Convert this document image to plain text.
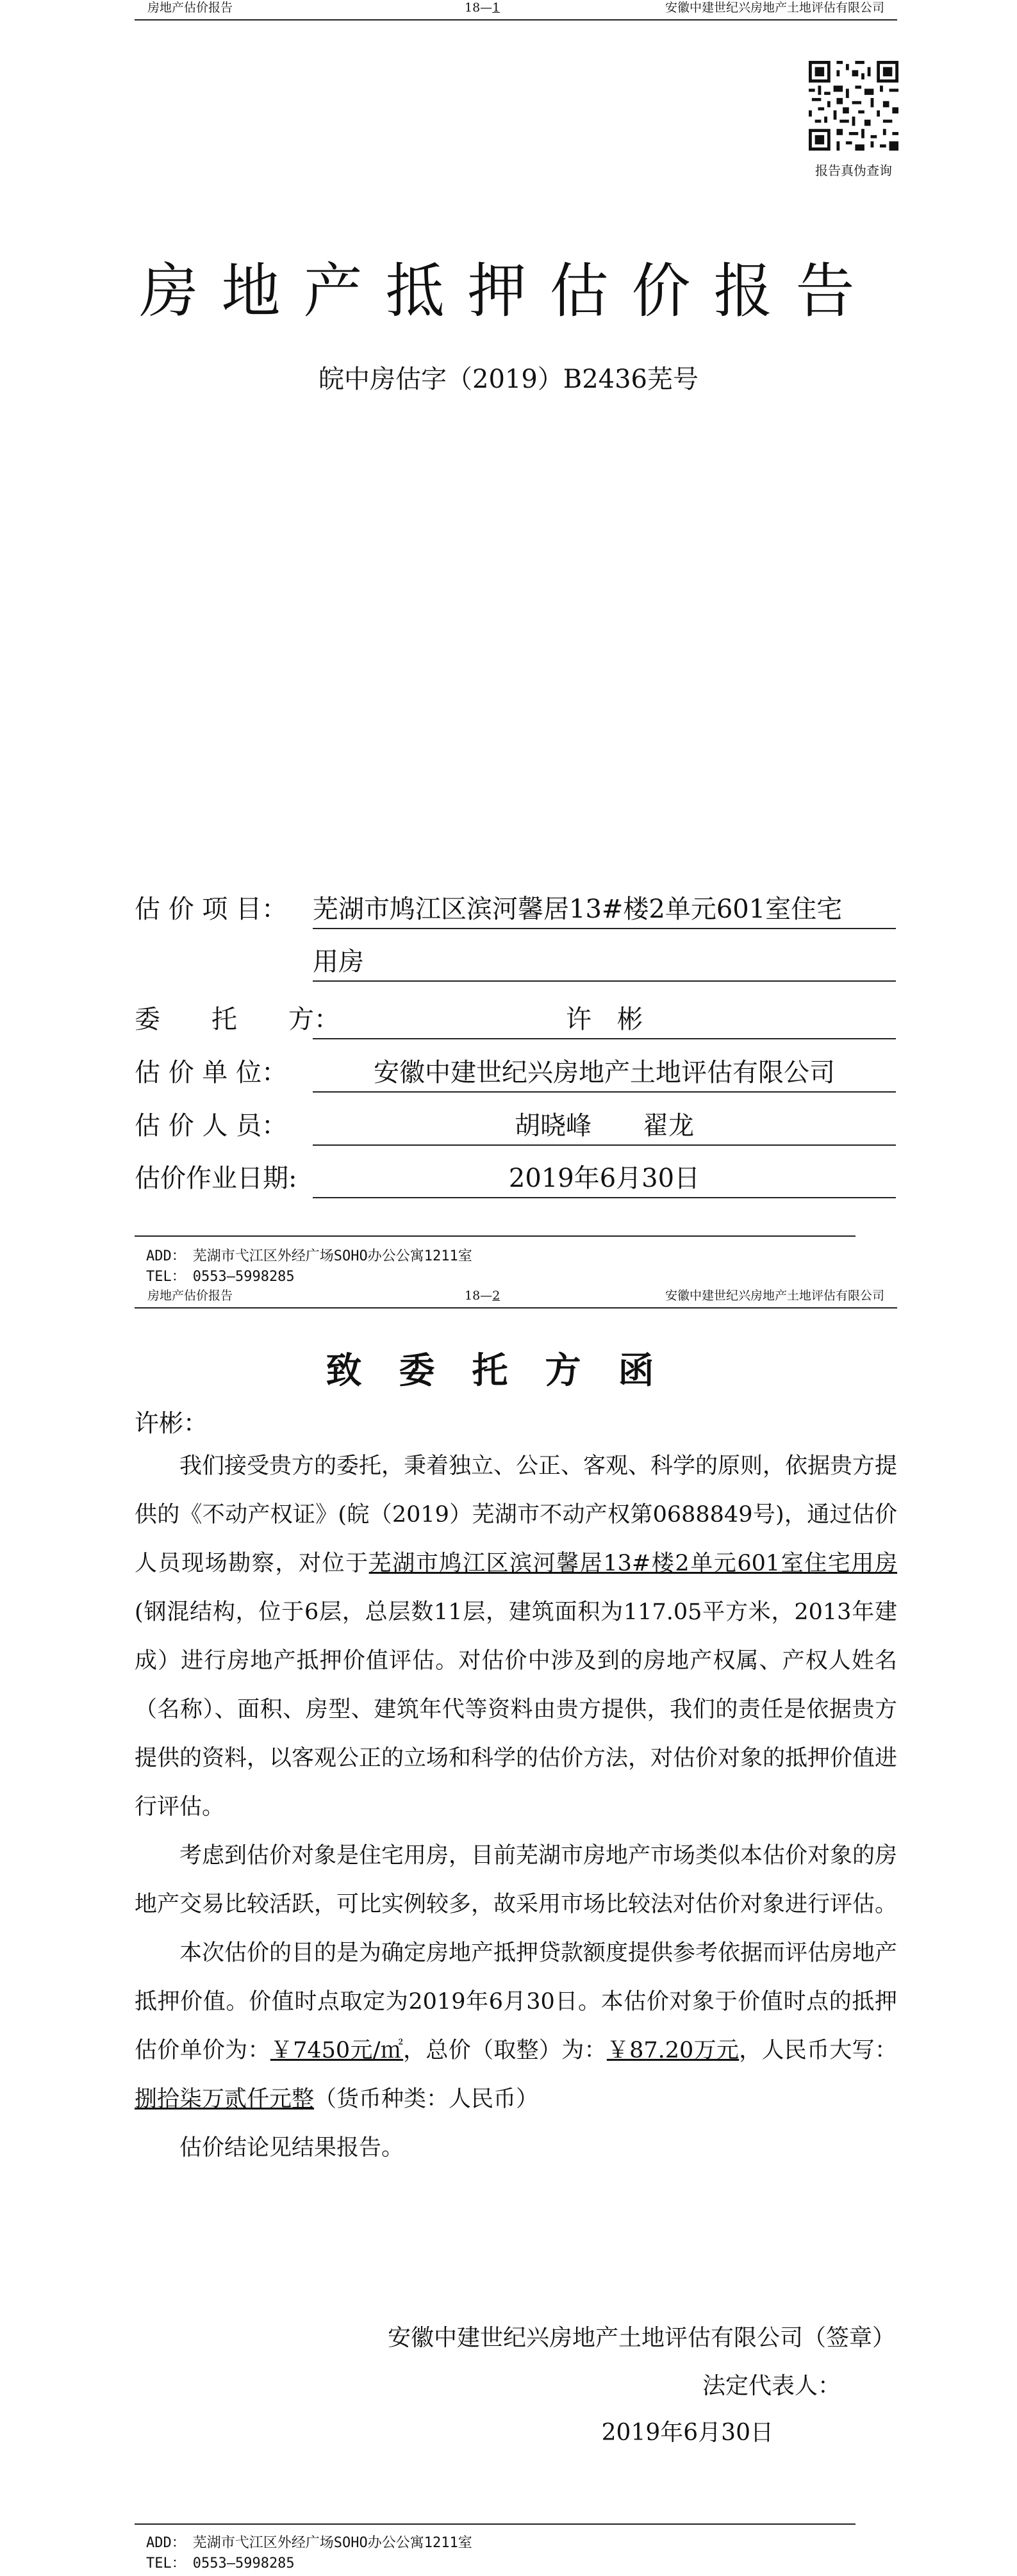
房地产估价报告	18—1	安徽中建世纪兴房地产土地评估有限公司
报告真伪查询
房地产抵押估价报告
皖中房估字（2019）B2436芜号
估 价 项 目： 芜湖市鸠江区滨河馨居13#楼2单元601室住宅
用房
委　　托　　方：	许　彬
估 价 单 位：	安徽中建世纪兴房地产土地评估有限公司
估 价 人 员：	胡晓峰　　翟龙
估价作业日期:	2019年6月30日
ADD：　芜湖市弋江区外经广场SOHO办公公寓1211室
TEL：　0553—5998285
房地产估价报告	18—2	安徽中建世纪兴房地产土地评估有限公司
致委托方函
许彬：

我们接受贵方的委托，秉着独立、公正、客观、科学的原则，依据贵方提供的《不动产权证》(皖（2019）芜湖市不动产权第0688849号)，通过估价人员现场勘察，对位于芜湖市鸠江区滨河馨居13#楼2单元601室住宅用房(钢混结构，位于6层，总层数11层，建筑面积为117.05平方米，2013年建成）进行房地产抵押价值评估。对估价中涉及到的房地产权属、产权人姓名（名称）、面积、房型、建筑年代等资料由贵方提供，我们的责任是依据贵方提供的资料，以客观公正的立场和科学的估价方法，对估价对象的抵押价值进行评估。

考虑到估价对象是住宅用房，目前芜湖市房地产市场类似本估价对象的房地产交易比较活跃，可比实例较多，故采用市场比较法对估价对象进行评估。

本次估价的目的是为确定房地产抵押贷款额度提供参考依据而评估房地产抵押价值。价值时点取定为2019年6月30日。本估价对象于价值时点的抵押估价单价为：￥7450元/㎡，总价（取整）为：￥87.20万元，人民币大写：捌拾柒万贰仟元整（货币种类：人民币）

估价结论见结果报告。

安徽中建世纪兴房地产土地评估有限公司（签章）
法定代表人：
2019年6月30日
ADD：　芜湖市弋江区外经广场SOHO办公公寓1211室
TEL：　0553—5998285
